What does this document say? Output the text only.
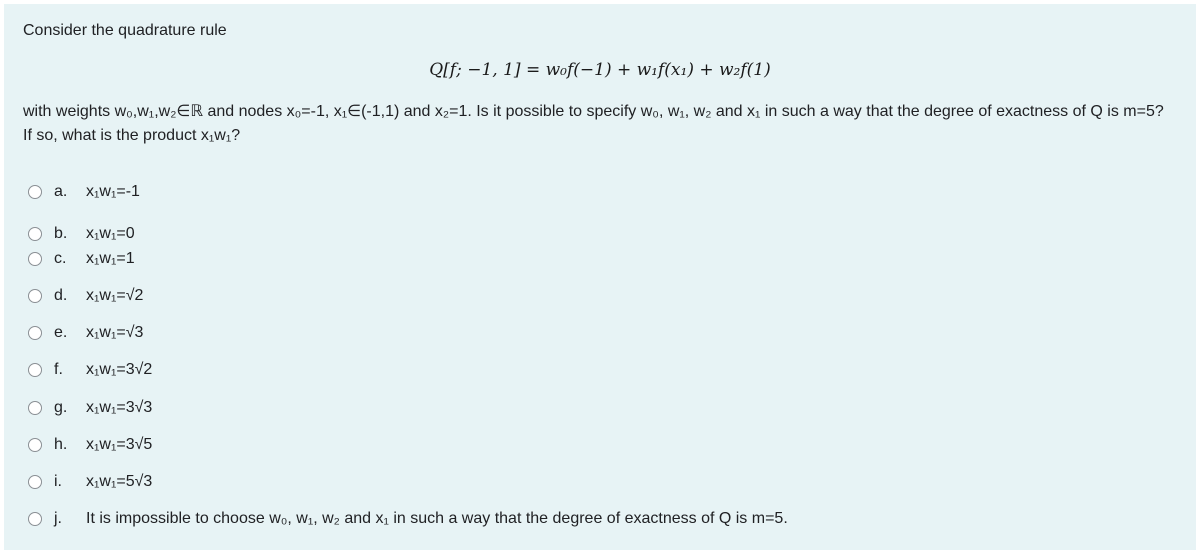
Consider the quadrature rule
Q[f; −1, 1] = w₀f(−1) + w₁f(x₁) + w₂f(1)
with weights w₀,w₁,w₂∈ℝ and nodes x₀=-1, x₁∈(-1,1) and x₂=1. Is it possible to specify w₀, w₁, w₂ and x₁ in such a way that the degree of exactness of Q is m=5?
If so, what is the product x₁w₁?
a.	x₁w₁=-1
b.	x₁w₁=0
c.	x₁w₁=1
d.	x₁w₁=√2
e.	x₁w₁=√3
f.	x₁w₁=3√2
g.	x₁w₁=3√3
h.	x₁w₁=3√5
i.	x₁w₁=5√3
j.	It is impossible to choose w₀, w₁, w₂ and x₁ in such a way that the degree of exactness of Q is m=5.
